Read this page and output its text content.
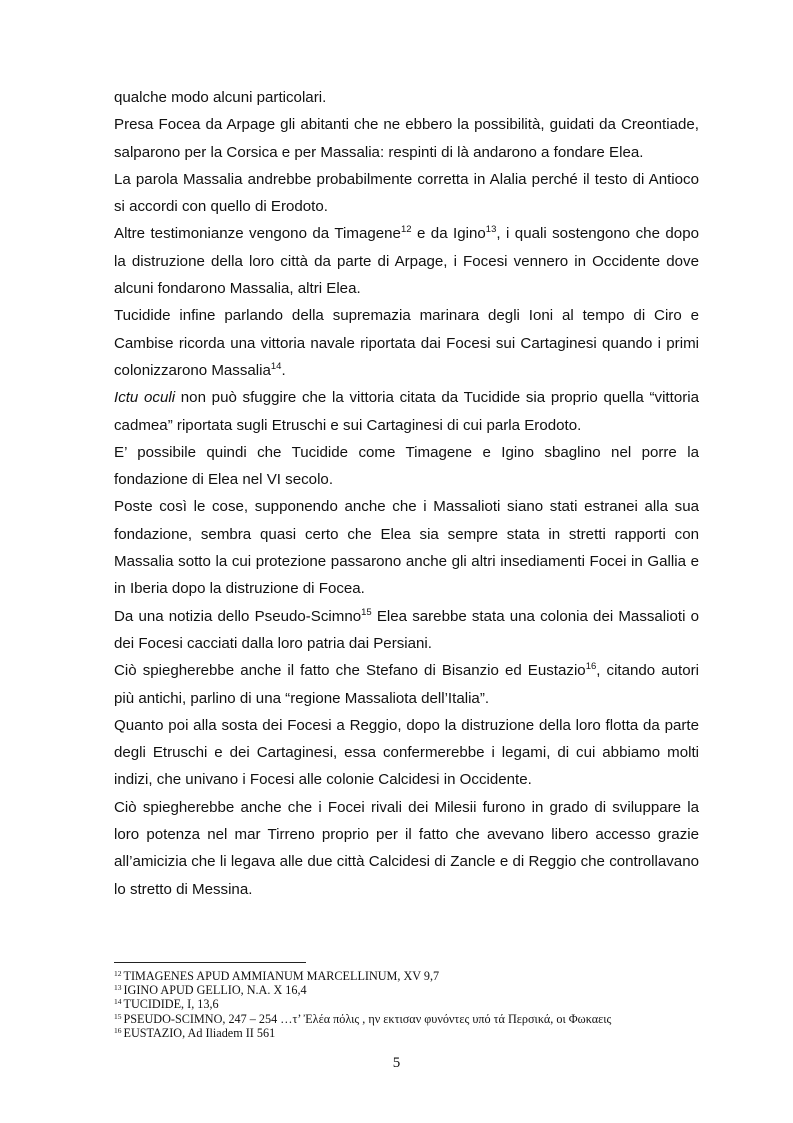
qualche modo alcuni particolari.

Presa Focea da Arpage gli abitanti che ne ebbero la possibilità, guidati da Creontiade, salparono per la Corsica e per Massalia: respinti di là andarono a fondare Elea.

La parola Massalia andrebbe probabilmente corretta in Alalia perché il testo di Antioco si accordi con quello di Erodoto.

Altre testimonianze vengono da Timagene$^{12}$ e da Igino$^{13}$, i quali sostengono che dopo la distruzione della loro città da parte di Arpage, i Focesi vennero in Occidente dove alcuni fondarono Massalia, altri Elea.

Tucidide infine parlando della supremazia marinara degli Ioni al tempo di Ciro e Cambise ricorda una vittoria navale riportata dai Focesi sui Cartaginesi quando i primi colonizzarono Massalia$^{14}$.

Ictu oculi non può sfuggire che la vittoria citata da Tucidide sia proprio quella “vittoria cadmea” riportata sugli Etruschi e sui Cartaginesi di cui parla Erodoto.

E’ possibile quindi che Tucidide come Timagene e Igino sbaglino nel porre la fondazione di Elea nel VI secolo.

Poste così le cose, supponendo anche che i Massalioti siano stati estranei alla sua fondazione, sembra quasi certo che Elea sia sempre stata in stretti rapporti con Massalia sotto la cui protezione passarono anche gli altri insediamenti Focei in Gallia e in Iberia dopo la distruzione di Focea.

Da una notizia dello Pseudo-Scimno$^{15}$ Elea sarebbe stata una colonia dei Massalioti o dei Focesi cacciati dalla loro patria dai Persiani.

Ciò spiegherebbe anche il fatto che Stefano di Bisanzio ed Eustazio$^{16}$, citando autori più antichi, parlino di una “regione Massaliota dell’Italia”.

Quanto poi alla sosta dei Focesi a Reggio, dopo la distruzione della loro flotta da parte degli Etruschi e dei Cartaginesi, essa confermerebbe i legami, di cui abbiamo molti indizi, che univano i Focesi alle colonie Calcidesi in Occidente.

Ciò spiegherebbe anche che i Focei rivali dei Milesii furono in grado di sviluppare la loro potenza nel mar Tirreno proprio per il fatto che avevano libero accesso grazie all’amicizia che li legava alle due città Calcidesi di Zancle e di Reggio che controllavano lo stretto di Messina.

$^{12}$ TIMAGENES APUD AMMIANUM MARCELLINUM, XV 9,7
$^{13}$ IGINO APUD GELLIO, N.A. X 16,4
$^{14}$ TUCIDIDE, I, 13,6
$^{15}$ PSEUDO-SCIMNO, 247 – 254 …τ’ Ἐλέα πόλις , ην εκτισαν φυνόντες υπό τά Περσικά, οι Φωκαεις
$^{16}$ EUSTAZIO, Ad Iliadem II 561
5
